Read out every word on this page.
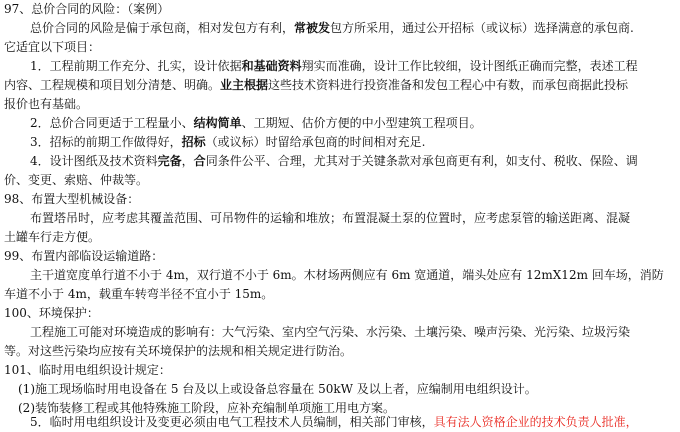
97、总价合同的风险：（案例）
总价合同的风险是偏于承包商，相对发包方有利，常被发包方所采用，通过公开招标（或议标）选择满意的承包商.
它适宜以下项目：
1．工程前期工作充分、扎实，设计依据和基础资料翔实而准确，设计工作比较细，设计图纸正确而完整，表述工程
内容、工程规模和项目划分清楚、明确。业主根据这些技术资料进行投资准备和发包工程心中有数，而承包商据此投标
报价也有基础。
2．总价合同更适于工程量小、结构简单、工期短、估价方便的中小型建筑工程项目。
3．招标的前期工作做得好，招标（或议标）时留给承包商的时间相对充足.
4．设计图纸及技术资料完备，合同条件公平、合理，尤其对于关键条款对承包商更有利，如支付、税收、保险、调
价、变更、索赔、仲裁等。
98、布置大型机械设备：
布置塔吊时，应考虑其覆盖范围、可吊物件的运输和堆放；布置混凝土泵的位置时，应考虑泵管的输送距离、混凝
土罐车行走方便。
99、布置内部临设运输道路：
主干道宽度单行道不小于 4m，双行道不小于 6m。木材场两侧应有 6m 宽通道，端头处应有 12mX12m 回车场，消防
车道不小于 4m，载重车转弯半径不宜小于 15m。
100、环境保护：
工程施工可能对环境造成的影响有：大气污染、室内空气污染、水污染、土壤污染、噪声污染、光污染、垃圾污染
等。对这些污染均应按有关环境保护的法规和相关规定进行防治。
101、临时用电组织设计规定：
(1)施工现场临时用电设备在 5 台及以上或设备总容量在 50kW 及以上者，应编制用电组织设计。
(2)装饰装修工程或其他特殊施工阶段，应补充编制单项施工用电方案。
5．临时用电组织设计及变更必须由电气工程技术人员编制，相关部门审核，具有法人资格企业的技术负责人批准，
